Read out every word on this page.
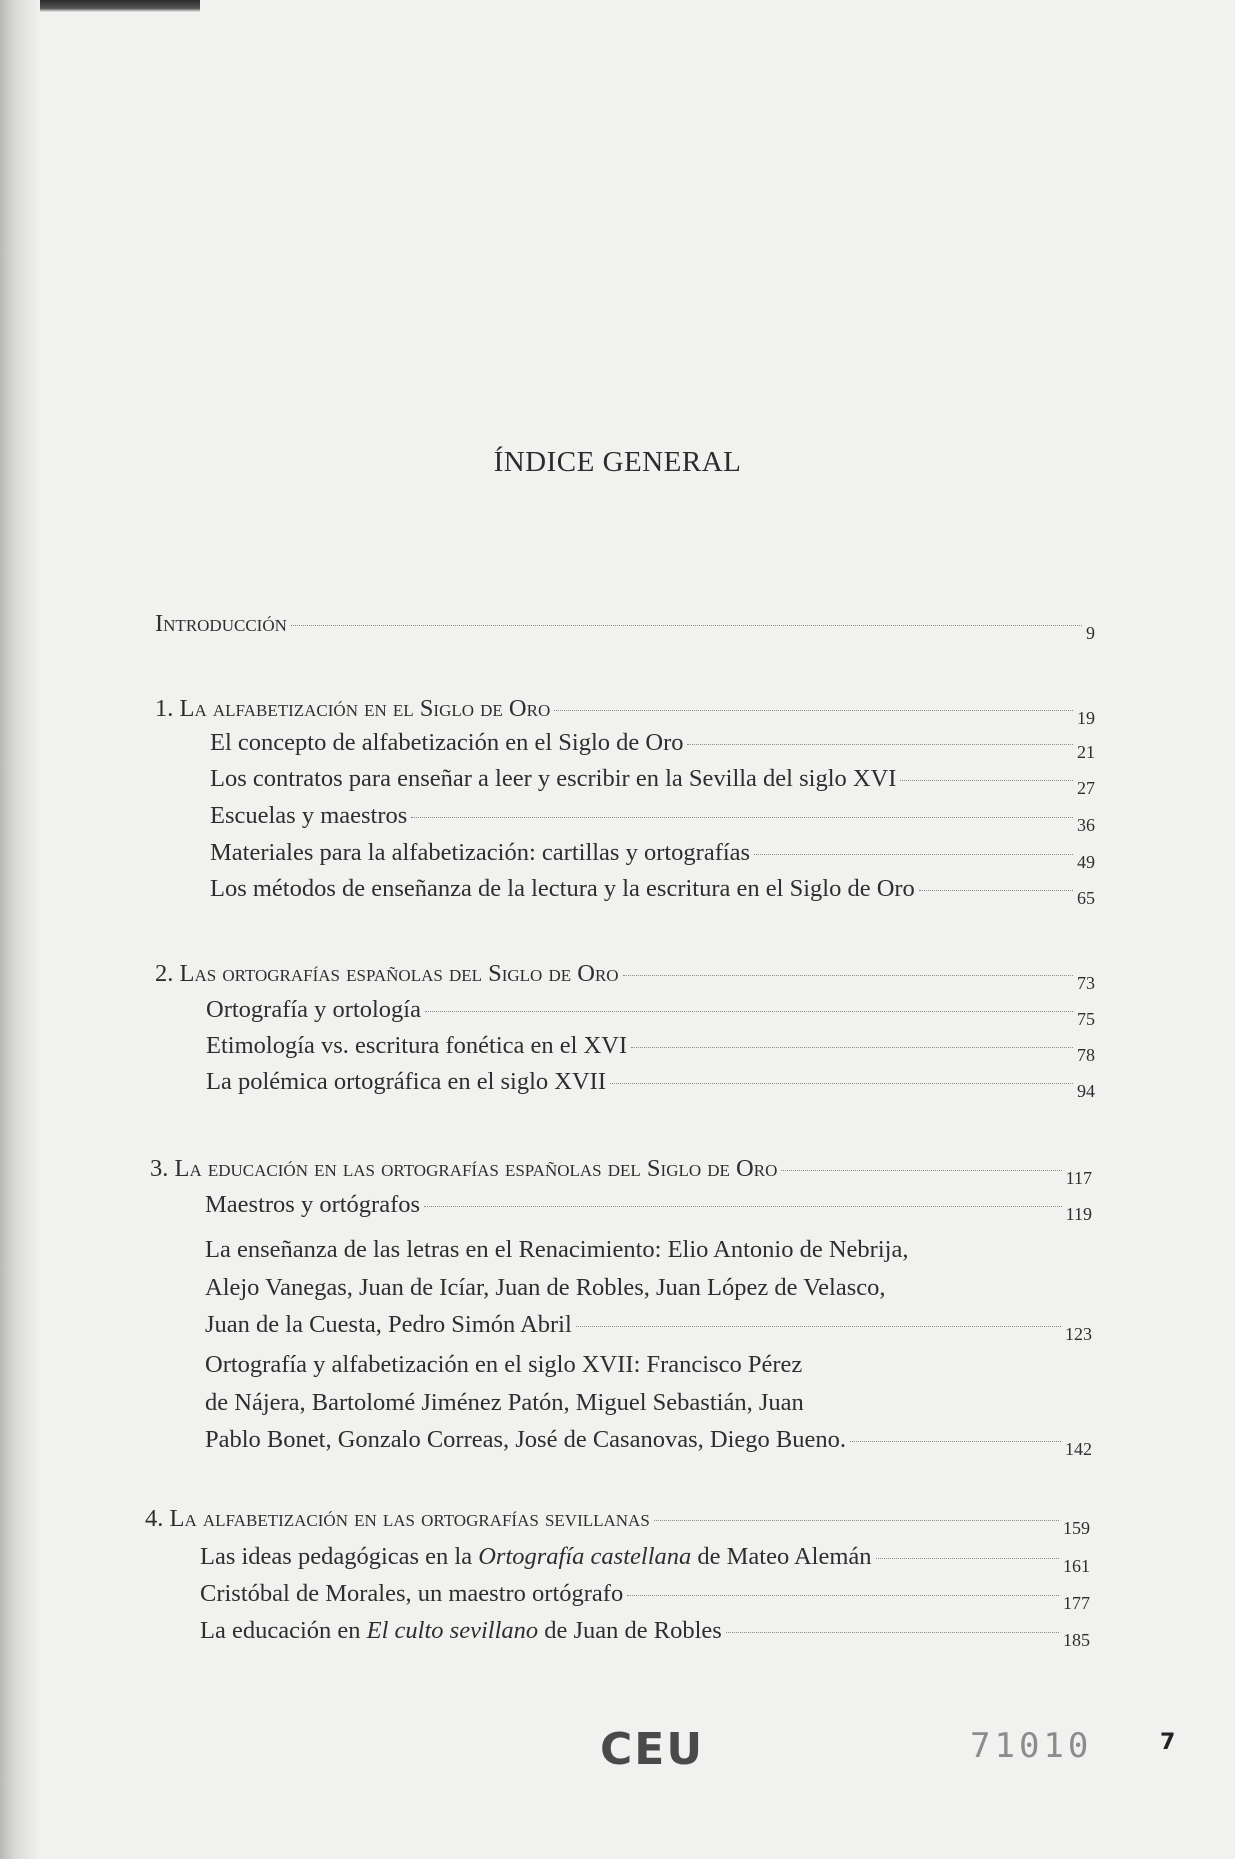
ÍNDICE GENERAL
Introducción	9
1. La alfabetización en el Siglo de Oro	19
El concepto de alfabetización en el Siglo de Oro	21
Los contratos para enseñar a leer y escribir en la Sevilla del siglo XVI	27
Escuelas y maestros	36
Materiales para la alfabetización: cartillas y ortografías	49
Los métodos de enseñanza de la lectura y la escritura en el Siglo de Oro	65
2. Las ortografías españolas del Siglo de Oro	73
Ortografía y ortología	75
Etimología vs. escritura fonética en el XVI	78
La polémica ortográfica en el siglo XVII	94
3. La educación en las ortografías españolas del Siglo de Oro	117
Maestros y ortógrafos	119
La enseñanza de las letras en el Renacimiento: Elio Antonio de Nebrija,
Alejo Vanegas, Juan de Icíar, Juan de Robles, Juan López de Velasco,
Juan de la Cuesta, Pedro Simón Abril	123
Ortografía y alfabetización en el siglo XVII: Francisco Pérez
de Nájera, Bartolomé Jiménez Patón, Miguel Sebastián, Juan
Pablo Bonet, Gonzalo Correas, José de Casanovas, Diego Bueno.	142
4. La alfabetización en las ortografías sevillanas	159
Las ideas pedagógicas en la Ortografía castellana de Mateo Alemán	161
Cristóbal de Morales, un maestro ortógrafo	177
La educación en El culto sevillano de Juan de Robles	185
CEU	71010	7
